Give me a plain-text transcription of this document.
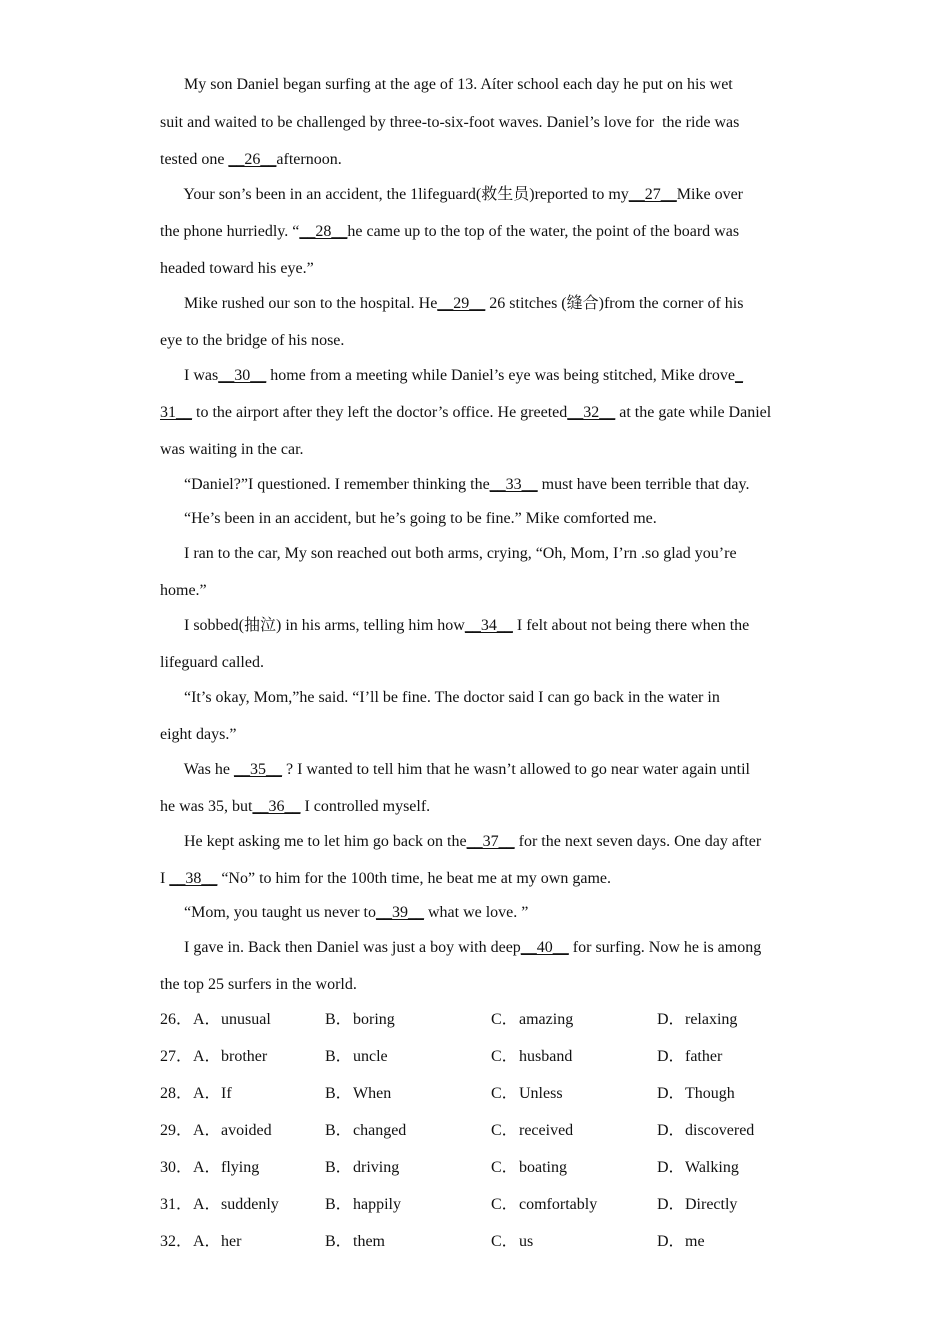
My son Daniel began surfing at the age of 13. Aíter school each day he put on his wet
suit and waited to be challenged by three-to-six-foot waves. Daniel’s love for  the ride was
tested one __26__afternoon.
Your son’s been in an accident, the 1lifeguard(救生员)reported to my__27__Mike over
the phone hurriedly. “__28__he came up to the top of the water, the point of the board was
headed toward his eye.”
Mike rushed our son to the hospital. He__29__ 26 stitches (缝合)from the corner of his
eye to the bridge of his nose.
I was__30__ home from a meeting while Daniel’s eye was being stitched, Mike drove_
31__ to the airport after they left the doctor’s office. He greeted__32__ at the gate while Daniel
was waiting in the car.
“Daniel?”I questioned. I remember thinking the__33__ must have been terrible that day.
“He’s been in an accident, but he’s going to be fine.” Mike comforted me.
I ran to the car, My son reached out both arms, crying, “Oh, Mom, I’rn .so glad you’re
home.”
I sobbed(抽泣) in his arms, telling him how__34__ I felt about not being there when the
lifeguard called.
“It’s okay, Mom,”he said. “I’ll be fine. The doctor said I can go back in the water in
eight days.”
Was he __35__ ? I wanted to tell him that he wasn’t allowed to go near water again until
he was 35, but__36__ I controlled myself.
He kept asking me to let him go back on the__37__ for the next seven days. One day after
I __38__ “No” to him for the 100th time, he beat me at my own game.
“Mom, you taught us never to__39__ what we love. ”
I gave in. Back then Daniel was just a boy with deep__40__ for surfing. Now he is among
the top 25 surfers in the world.
26． A．unusual	B．boring	C．amazing	D．relaxing
27． A．brother	B．uncle	C．husband	D．father
28． A．If	B．When	C．Unless	D．Though
29． A．avoided	B．changed	C．received	D．discovered
30． A．flying	B．driving	C．boating	D．Walking
31． A．suddenly	B．happily	C．comfortably	D．Directly
32． A．her	B．them	C．us	D．me
